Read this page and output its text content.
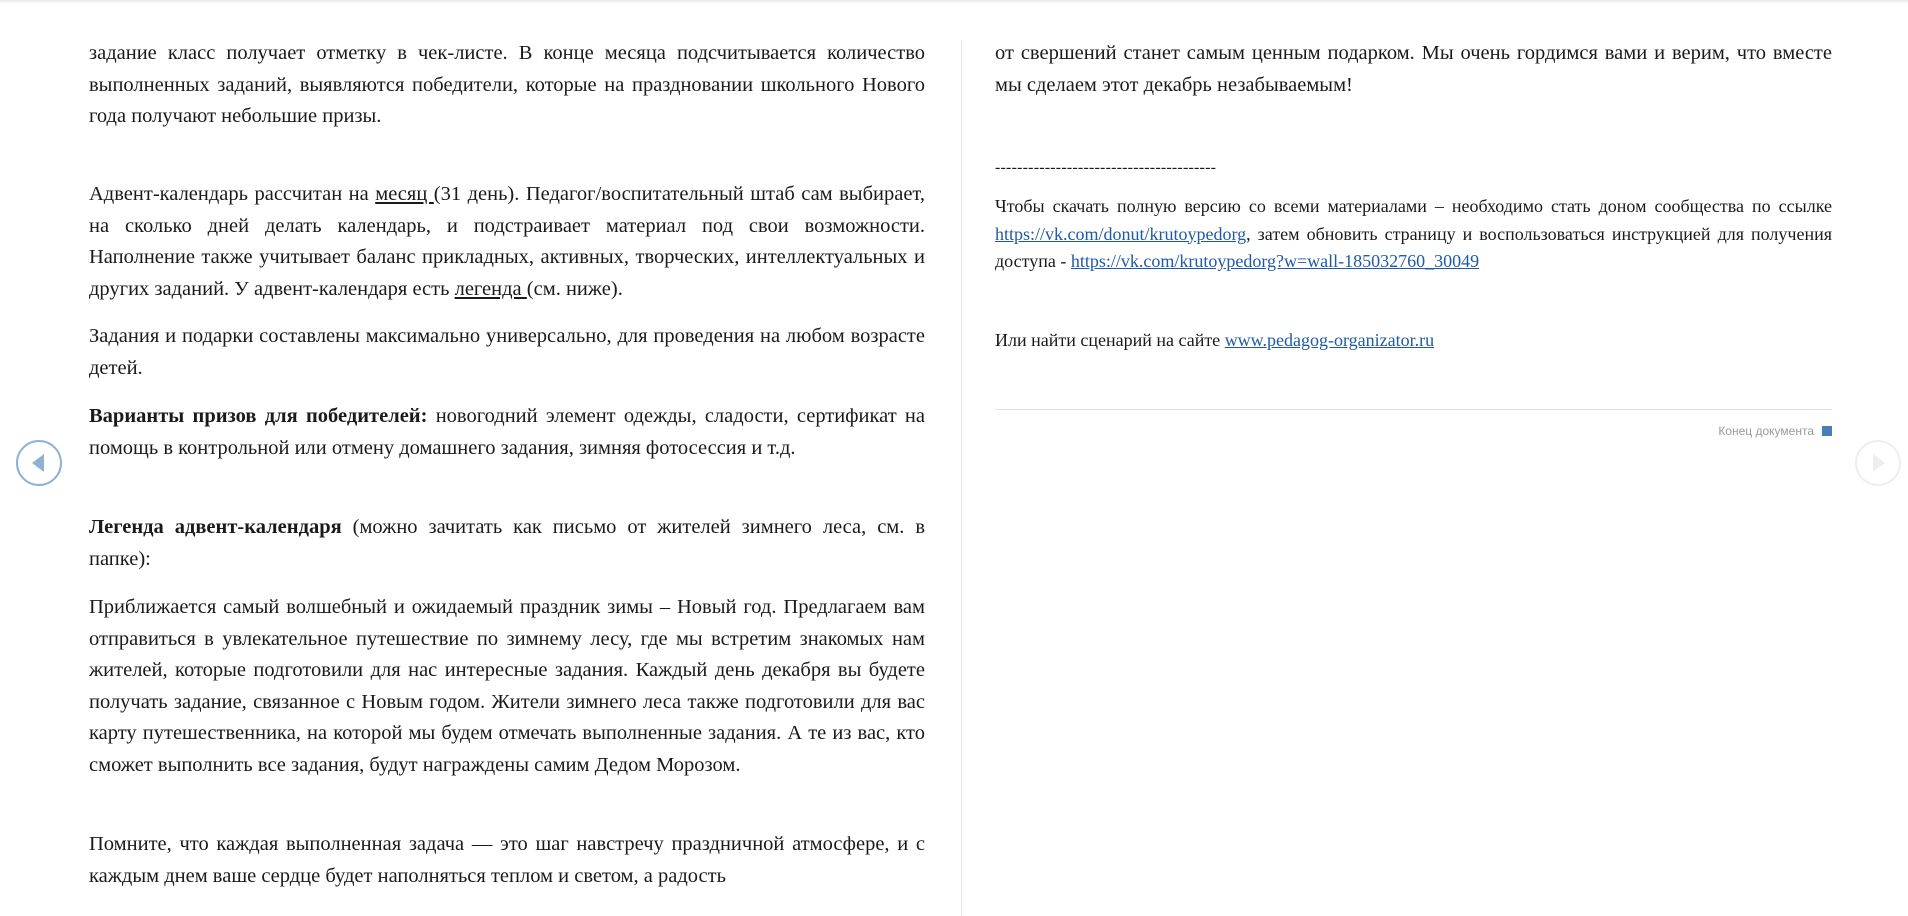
задание класс получает отметку в чек-листе. В конце месяца подсчитывается количество выполненных заданий, выявляются победители, которые на праздновании школьного Нового года получают небольшие призы.

Адвент-календарь рассчитан на месяц (31 день). Педагог/воспитательный штаб сам выбирает, на сколько дней делать календарь, и подстраивает материал под свои возможности. Наполнение также учитывает баланс прикладных, активных, творческих, интеллектуальных и других заданий. У адвент-календаря есть легенда (см. ниже).

Задания и подарки составлены максимально универсально, для проведения на любом возрасте детей.

Варианты призов для победителей: новогодний элемент одежды, сладости, сертификат на помощь в контрольной или отмену домашнего задания, зимняя фотосессия и т.д.

Легенда адвент-календаря (можно зачитать как письмо от жителей зимнего леса, см. в папке):

Приближается самый волшебный и ожидаемый праздник зимы – Новый год. Предлагаем вам отправиться в увлекательное путешествие по зимнему лесу, где мы встретим знакомых нам жителей, которые подготовили для нас интересные задания. Каждый день декабря вы будете получать задание, связанное с Новым годом. Жители зимнего леса также подготовили для вас карту путешественника, на которой мы будем отмечать выполненные задания. А те из вас, кто сможет выполнить все задания, будут награждены самим Дедом Морозом.

Помните, что каждая выполненная задача — это шаг навстречу праздничной атмосфере, и с каждым днем ваше сердце будет наполняться теплом и светом, а радость

от свершений станет самым ценным подарком. Мы очень гордимся вами и верим, что вместе мы сделаем этот декабрь незабываемым!

----------------------------------------

Чтобы скачать полную версию со всеми материалами – необходимо стать доном сообщества по ссылке https://vk.com/donut/krutoypedorg, затем обновить страницу и воспользоваться инструкцией для получения доступа - https://vk.com/krutoypedorg?w=wall-185032760_30049

Или найти сценарий на сайте www.pedagog-organizator.ru

Конец документа
